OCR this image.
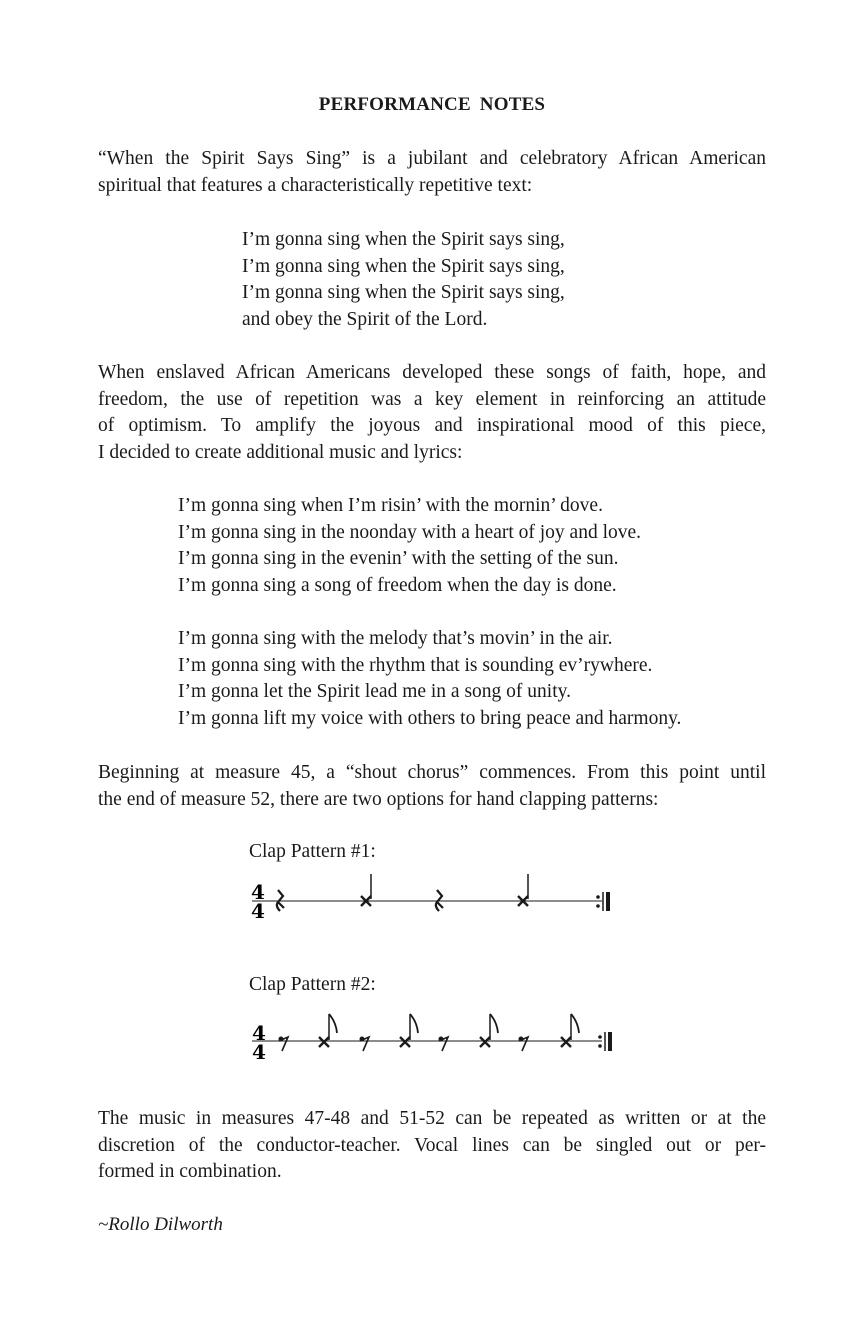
PERFORMANCE NOTES

“When the Spirit Says Sing” is a jubilant and celebratory African American
spiritual that features a characteristically repetitive text:

I’m gonna sing when the Spirit says sing,
I’m gonna sing when the Spirit says sing,
I’m gonna sing when the Spirit says sing,
and obey the Spirit of the Lord.

When enslaved African Americans developed these songs of faith, hope, and
freedom, the use of repetition was a key element in reinforcing an attitude
of optimism. To amplify the joyous and inspirational mood of this piece,
I decided to create additional music and lyrics:

I’m gonna sing when I’m risin’ with the mornin’ dove.
I’m gonna sing in the noonday with a heart of joy and love.
I’m gonna sing in the evenin’ with the setting of the sun.
I’m gonna sing a song of freedom when the day is done.
I’m gonna sing with the melody that’s movin’ in the air.
I’m gonna sing with the rhythm that is sounding ev’rywhere.
I’m gonna let the Spirit lead me in a song of unity.
I’m gonna lift my voice with others to bring peace and harmony.

Beginning at measure 45, a “shout chorus” commences. From this point until
the end of measure 52, there are two options for hand clapping patterns:

Clap Pattern #1:
4
4
Clap Pattern #2:
4
4

The music in measures 47-48 and 51-52 can be repeated as written or at the
discretion of the conductor-teacher. Vocal lines can be singled out or per-
formed in combination.

~Rollo Dilworth
